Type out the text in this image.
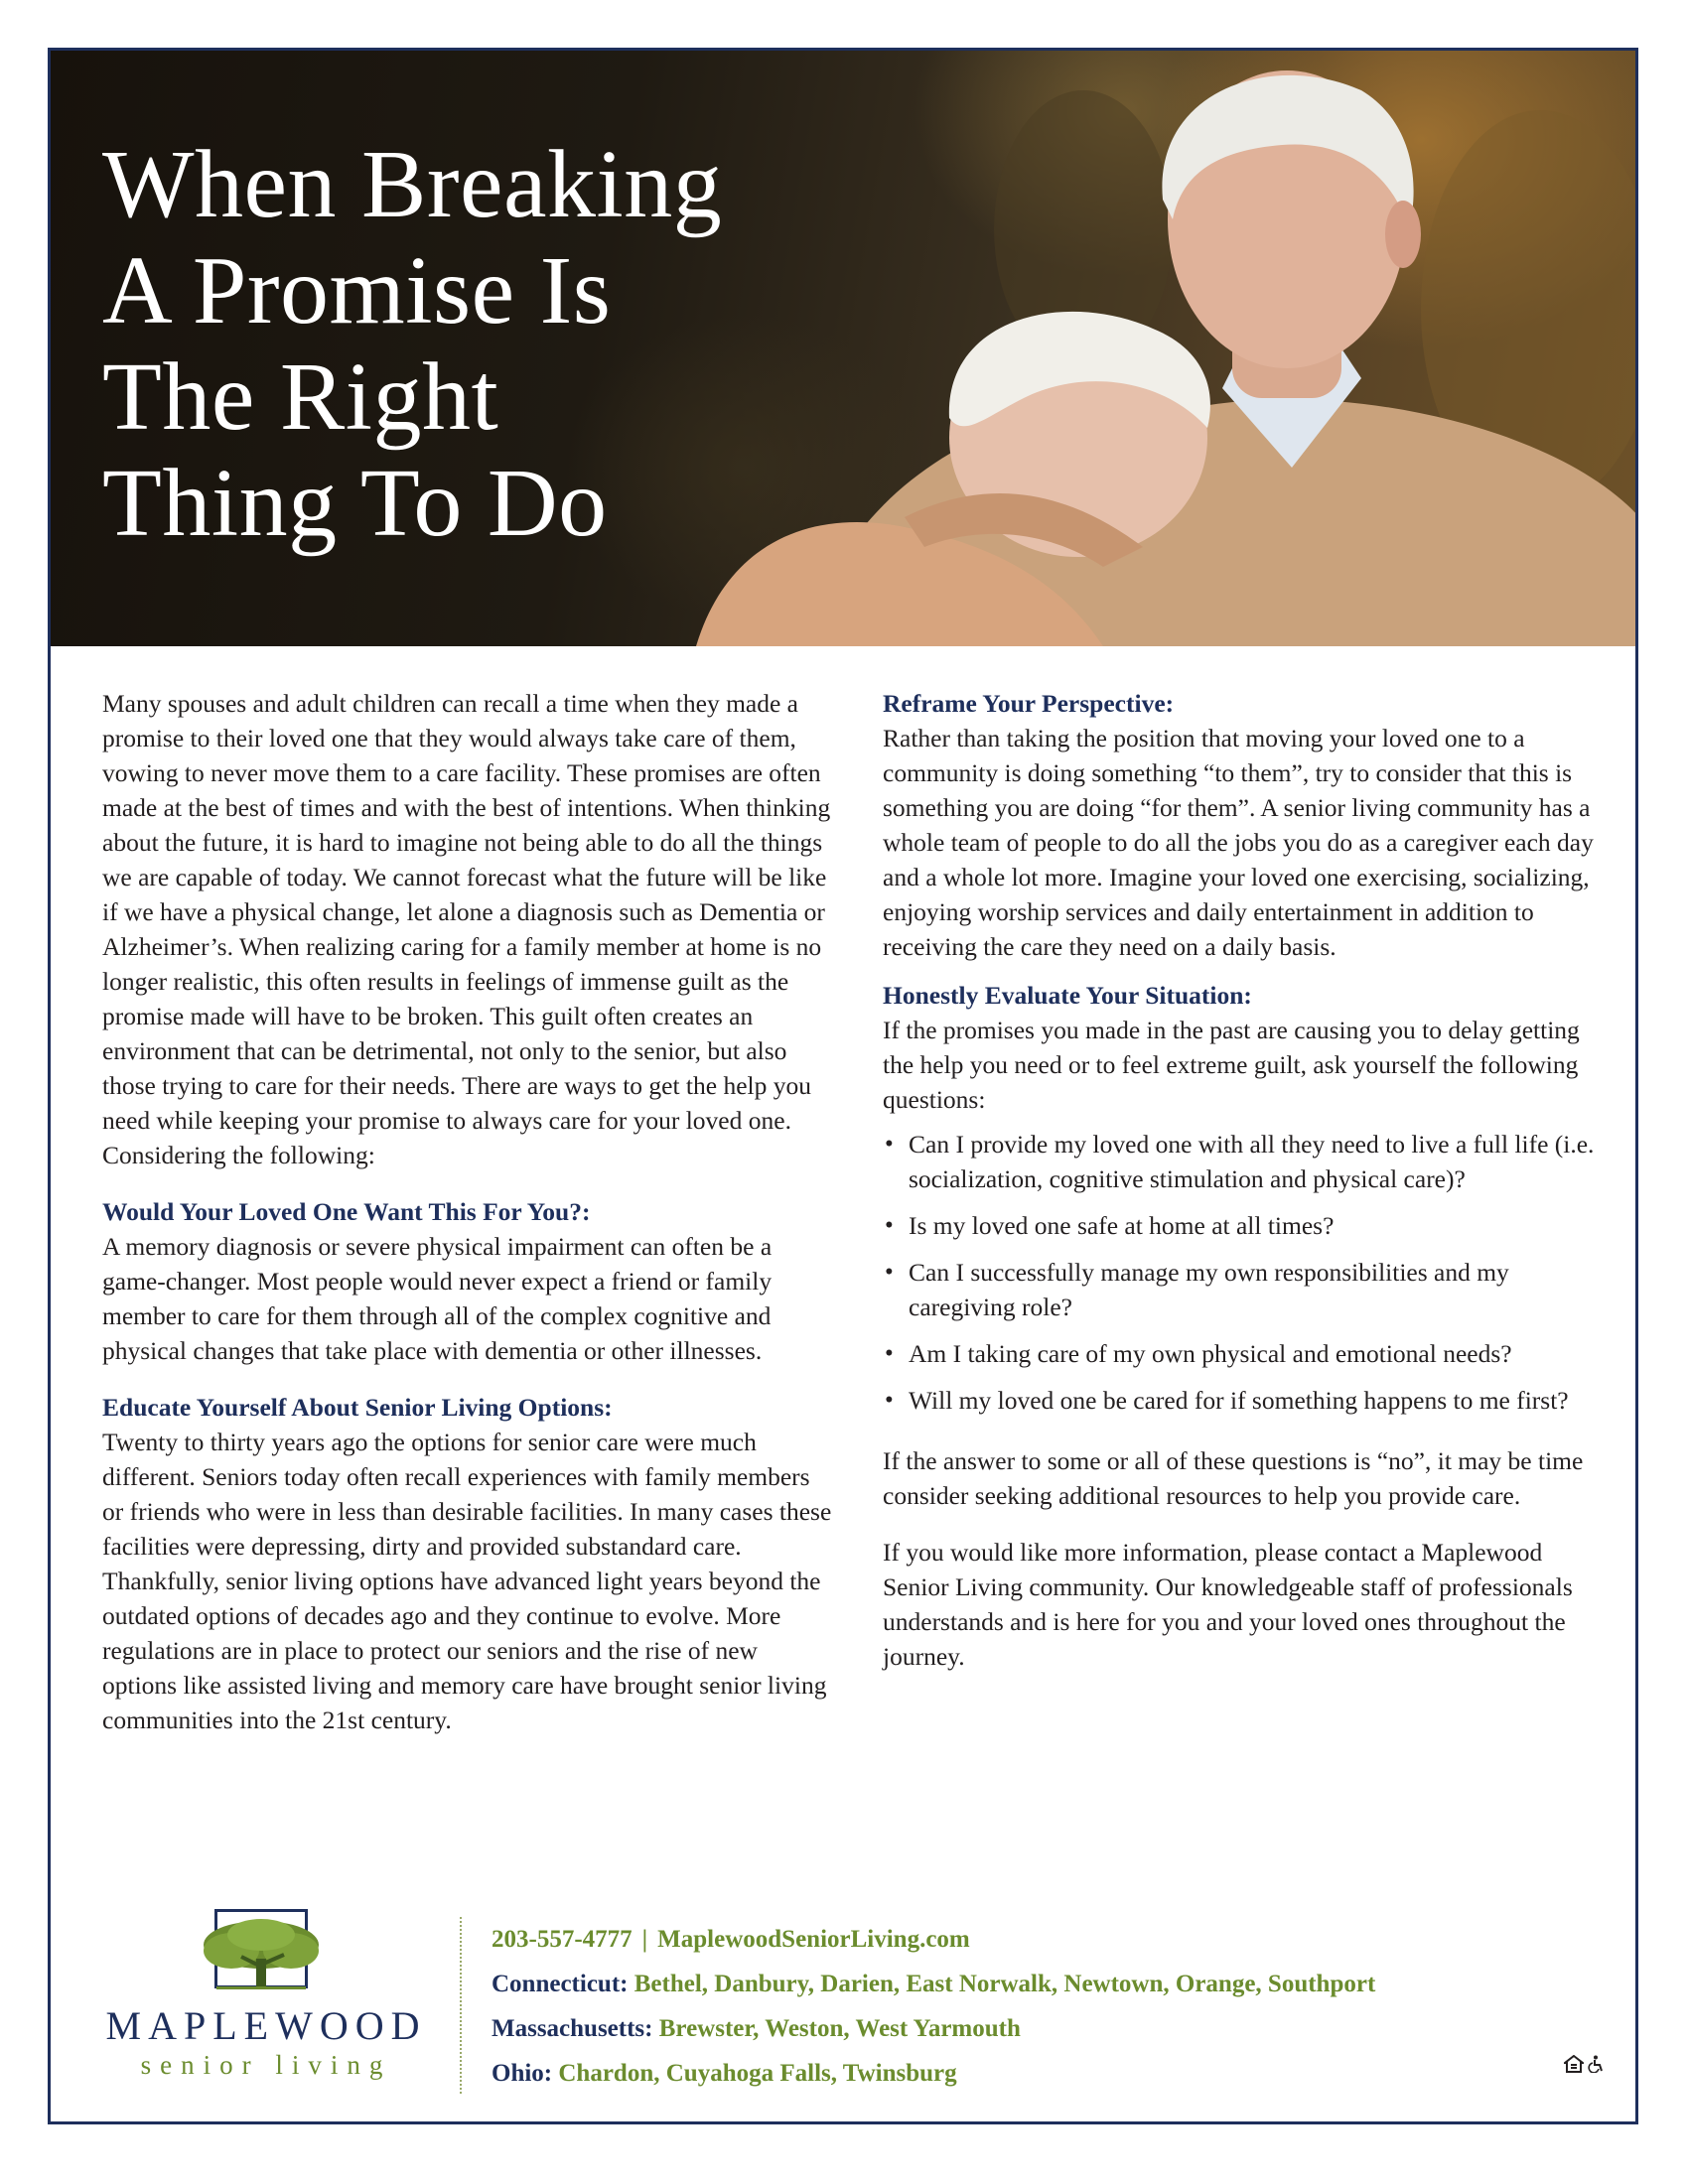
When Breaking
A Promise Is
The Right
Thing To Do

Many spouses and adult children can recall a time when they made a promise to their loved one that they would always take care of them, vowing to never move them to a care facility. These promises are often made at the best of times and with the best of intentions. When thinking about the future, it is hard to imagine not being able to do all the things we are capable of today. We cannot forecast what the future will be like if we have a physical change, let alone a diagnosis such as Dementia or Alzheimer’s. When realizing caring for a family member at home is no longer realistic, this often results in feelings of immense guilt as the promise made will have to be broken. This guilt often creates an environment that can be detrimental, not only to the senior, but also those trying to care for their needs. There are ways to get the help you need while keeping your promise to always care for your loved one. Considering the following:

Would Your Loved One Want This For You?:

A memory diagnosis or severe physical impairment can often be a game-changer. Most people would never expect a friend or family member to care for them through all of the complex cognitive and physical changes that take place with dementia or other illnesses.

Educate Yourself About Senior Living Options:

Twenty to thirty years ago the options for senior care were much different. Seniors today often recall experiences with family members or friends who were in less than desirable facilities. In many cases these facilities were depressing, dirty and provided substandard care. Thankfully, senior living options have advanced light years beyond the outdated options of decades ago and they continue to evolve. More regulations are in place to protect our seniors and the rise of new options like assisted living and memory care have brought senior living communities into the 21st century.

Reframe Your Perspective:

Rather than taking the position that moving your loved one to a community is doing something “to them”, try to consider that this is something you are doing “for them”. A senior living community has a whole team of people to do all the jobs you do as a caregiver each day and a whole lot more. Imagine your loved one exercising, socializing, enjoying worship services and daily entertainment in addition to receiving the care they need on a daily basis.

Honestly Evaluate Your Situation:

If the promises you made in the past are causing you to delay getting the help you need or to feel extreme guilt, ask yourself the following questions:

• Can I provide my loved one with all they need to live a full life (i.e. socialization, cognitive stimulation and physical care)?
• Is my loved one safe at home at all times?
• Can I successfully manage my own responsibilities and my caregiving role?
• Am I taking care of my own physical and emotional needs?
• Will my loved one be cared for if something happens to me first?

If the answer to some or all of these questions is “no”, it may be time consider seeking additional resources to help you provide care.

If you would like more information, please contact a Maplewood Senior Living community. Our knowledgeable staff of professionals understands and is here for you and your loved ones throughout the journey.

MAPLEWOOD
senior living
203-557-4777 | MaplewoodSeniorLiving.com
Connecticut: Bethel, Danbury, Darien, East Norwalk, Newtown, Orange, Southport
Massachusetts: Brewster, Weston, West Yarmouth
Ohio: Chardon, Cuyahoga Falls, Twinsburg
